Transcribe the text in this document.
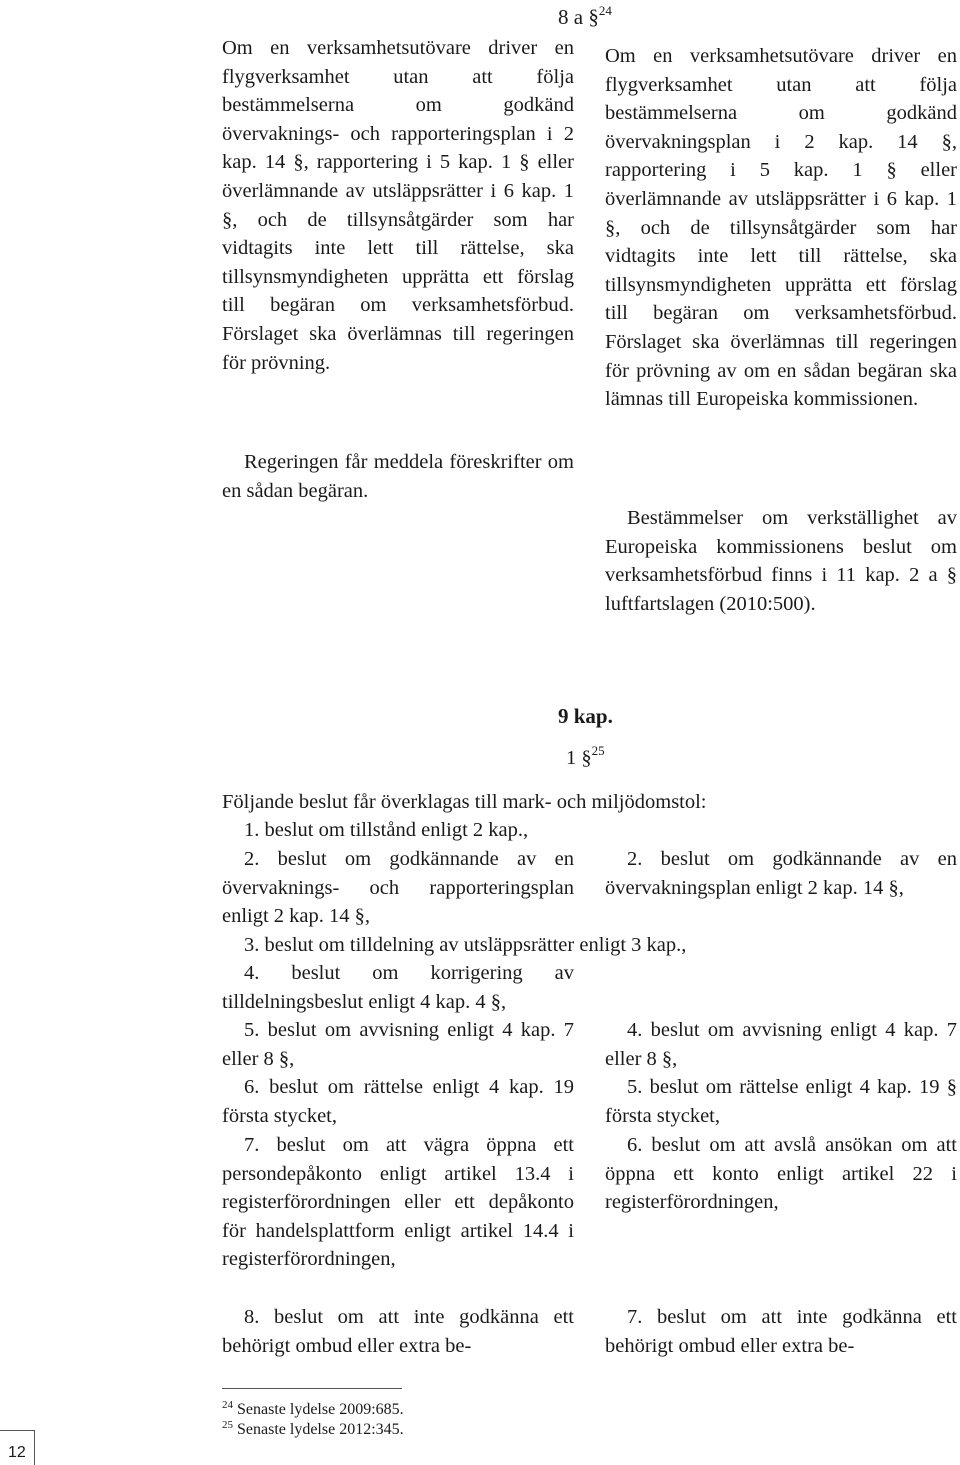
8 a §$^{24}$

Om en verksamhetsutövare driver en flygverksamhet utan att följa bestämmelserna om godkänd övervaknings- och rapporteringsplan i 2 kap. 14 §, rapportering i 5 kap. 1 § eller överlämnande av utsläppsrätter i 6 kap. 1 §, och de tillsynsåtgärder som har vidtagits inte lett till rättelse, ska tillsynsmyndigheten upprätta ett förslag till begäran om verksamhetsförbud. Förslaget ska överlämnas till regeringen för prövning.

Regeringen får meddela föreskrifter om en sådan begäran.

Om en verksamhetsutövare driver en flygverksamhet utan att följa bestämmelserna om godkänd övervakningsplan i 2 kap. 14 §, rapportering i 5 kap. 1 § eller överlämnande av utsläppsrätter i 6 kap. 1 §, och de tillsynsåtgärder som har vidtagits inte lett till rättelse, ska tillsynsmyndigheten upprätta ett förslag till begäran om verksamhetsförbud. Förslaget ska överlämnas till regeringen för prövning av om en sådan begäran ska lämnas till Europeiska kommissionen.

Bestämmelser om verkställighet av Europeiska kommissionens beslut om verksamhetsförbud finns i 11 kap. 2 a § luftfartslagen (2010:500).

9 kap.
1 §$^{25}$
Följande beslut får överklagas till mark- och miljödomstol:
1. beslut om tillstånd enligt 2 kap.,
2. beslut om godkännande av en övervaknings- och rapporteringsplan enligt 2 kap. 14 §,
2. beslut om godkännande av en övervakningsplan enligt 2 kap. 14 §,
3. beslut om tilldelning av utsläppsrätter enligt 3 kap.,
4. beslut om korrigering av tilldelningsbeslut enligt 4 kap. 4 §,
5. beslut om avvisning enligt 4 kap. 7 eller 8 §,
4. beslut om avvisning enligt 4 kap. 7 eller 8 §,
6. beslut om rättelse enligt 4 kap. 19 första stycket,
5. beslut om rättelse enligt 4 kap. 19 § första stycket,
7. beslut om att vägra öppna ett persondepåkonto enligt artikel 13.4 i registerförordningen eller ett depåkonto för handelsplattform enligt artikel 14.4 i registerförordningen,
6. beslut om att avslå ansökan om att öppna ett konto enligt artikel 22 i registerförordningen,
8. beslut om att inte godkänna ett behörigt ombud eller extra be-
7. beslut om att inte godkänna ett behörigt ombud eller extra be-
$^{24}$ Senaste lydelse 2009:685.
$^{25}$ Senaste lydelse 2012:345.
12
